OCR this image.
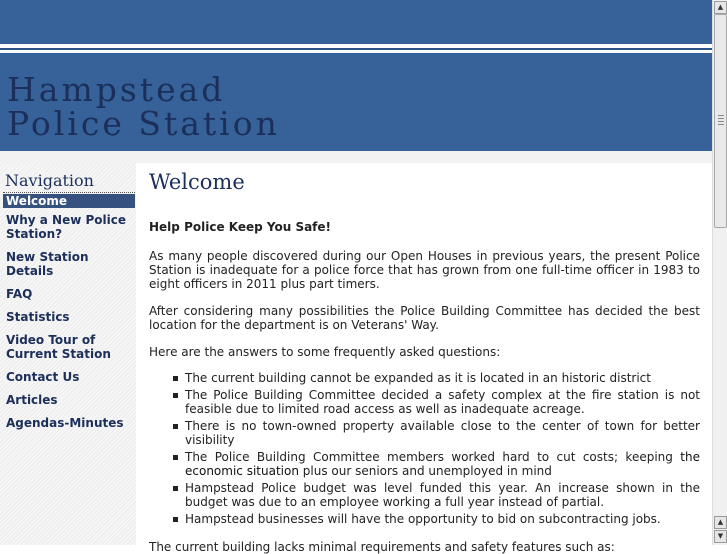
Hampstead
Police Station
Navigation
Welcome
Why a New Police Station?
New Station Details
FAQ
Statistics
Video Tour of Current Station
Contact Us
Articles
Agendas-Minutes
Welcome
Help Police Keep You Safe!

As many people discovered during our Open Houses in previous years, the present Police Station is inadequate for a police force that has grown from one full-time officer in 1983 to eight officers in 2011 plus part timers.

After considering many possibilities the Police Building Committee has decided the best location for the department is on Veterans' Way.

Here are the answers to some frequently asked questions:

The current building cannot be expanded as it is located in an historic district
The Police Building Committee decided a safety complex at the fire station is not feasible due to limited road access as well as inadequate acreage.
There is no town-owned property available close to the center of town for better visibility
The Police Building Committee members worked hard to cut costs; keeping the economic situation plus our seniors and unemployed in mind
Hampstead Police budget was level funded this year. An increase shown in the budget was due to an employee working a full year instead of partial.
Hampstead businesses will have the opportunity to bid on subcontracting jobs.

The current building lacks minimal requirements and safety features such as:

▲
▲
▼
